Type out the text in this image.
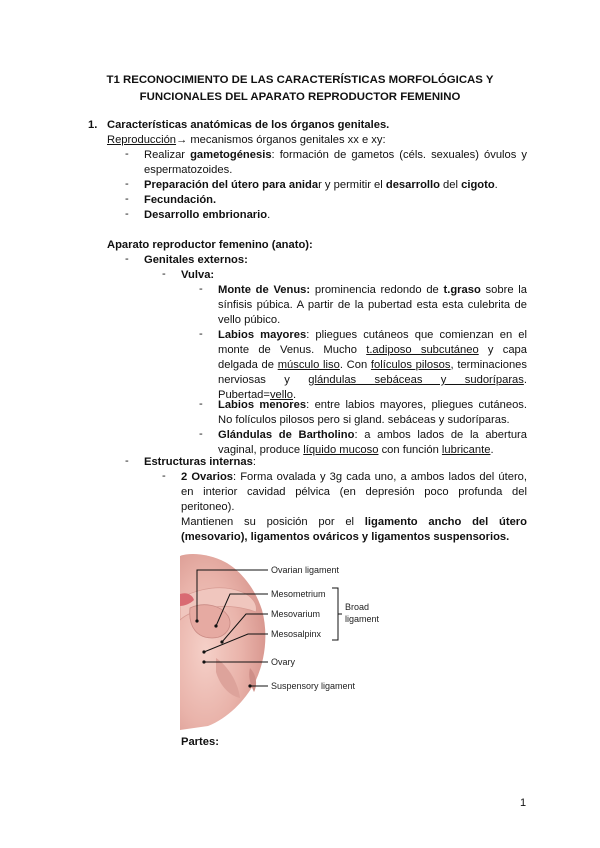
T1 RECONOCIMIENTO DE LAS CARACTERÍSTICAS MORFOLÓGICAS Y
FUNCIONALES DEL APARATO REPRODUCTOR FEMENINO
1. Características anatómicas de los órganos genitales.
Reproducción→ mecanismos órganos genitales xx e xy:
- Realizar gametogénesis: formación de gametos (céls. sexuales) óvulos y espermatozoides.
- Preparación del útero para anidar y permitir el desarrollo del cigoto.
- Fecundación.
- Desarrollo embrionario.
Aparato reproductor femenino (anato):
- Genitales externos:
- Vulva:
- Monte de Venus: prominencia redondo de t.graso sobre la sínfisis púbica. A partir de la pubertad esta esta culebrita de vello púbico.
- Labios mayores: pliegues cutáneos que comienzan en el monte de Venus. Mucho t.adiposo subcutáneo y capa delgada de músculo liso. Con folículos pilosos, terminaciones nerviosas y glándulas sebáceas y sudoríparas. Pubertad=vello.
- Labios menores: entre labios mayores, pliegues cutáneos. No folículos pilosos pero si gland. sebáceas y sudoríparas.
- Glándulas de Bartholino: a ambos lados de la abertura vaginal, produce líquido mucoso con función lubricante.
- Estructuras internas:
- 2 Ovarios: Forma ovalada y 3g cada uno, a ambos lados del útero, en interior cavidad pélvica (en depresión poco profunda del peritoneo).
Mantienen su posición por el ligamento ancho del útero (mesovario), ligamentos ováricos y ligamentos suspensorios.
Ovarian ligament
Mesometrium
Mesovarium
Mesosalpinx
Ovary
Suspensory ligament
Broad
ligament
Partes:
1
